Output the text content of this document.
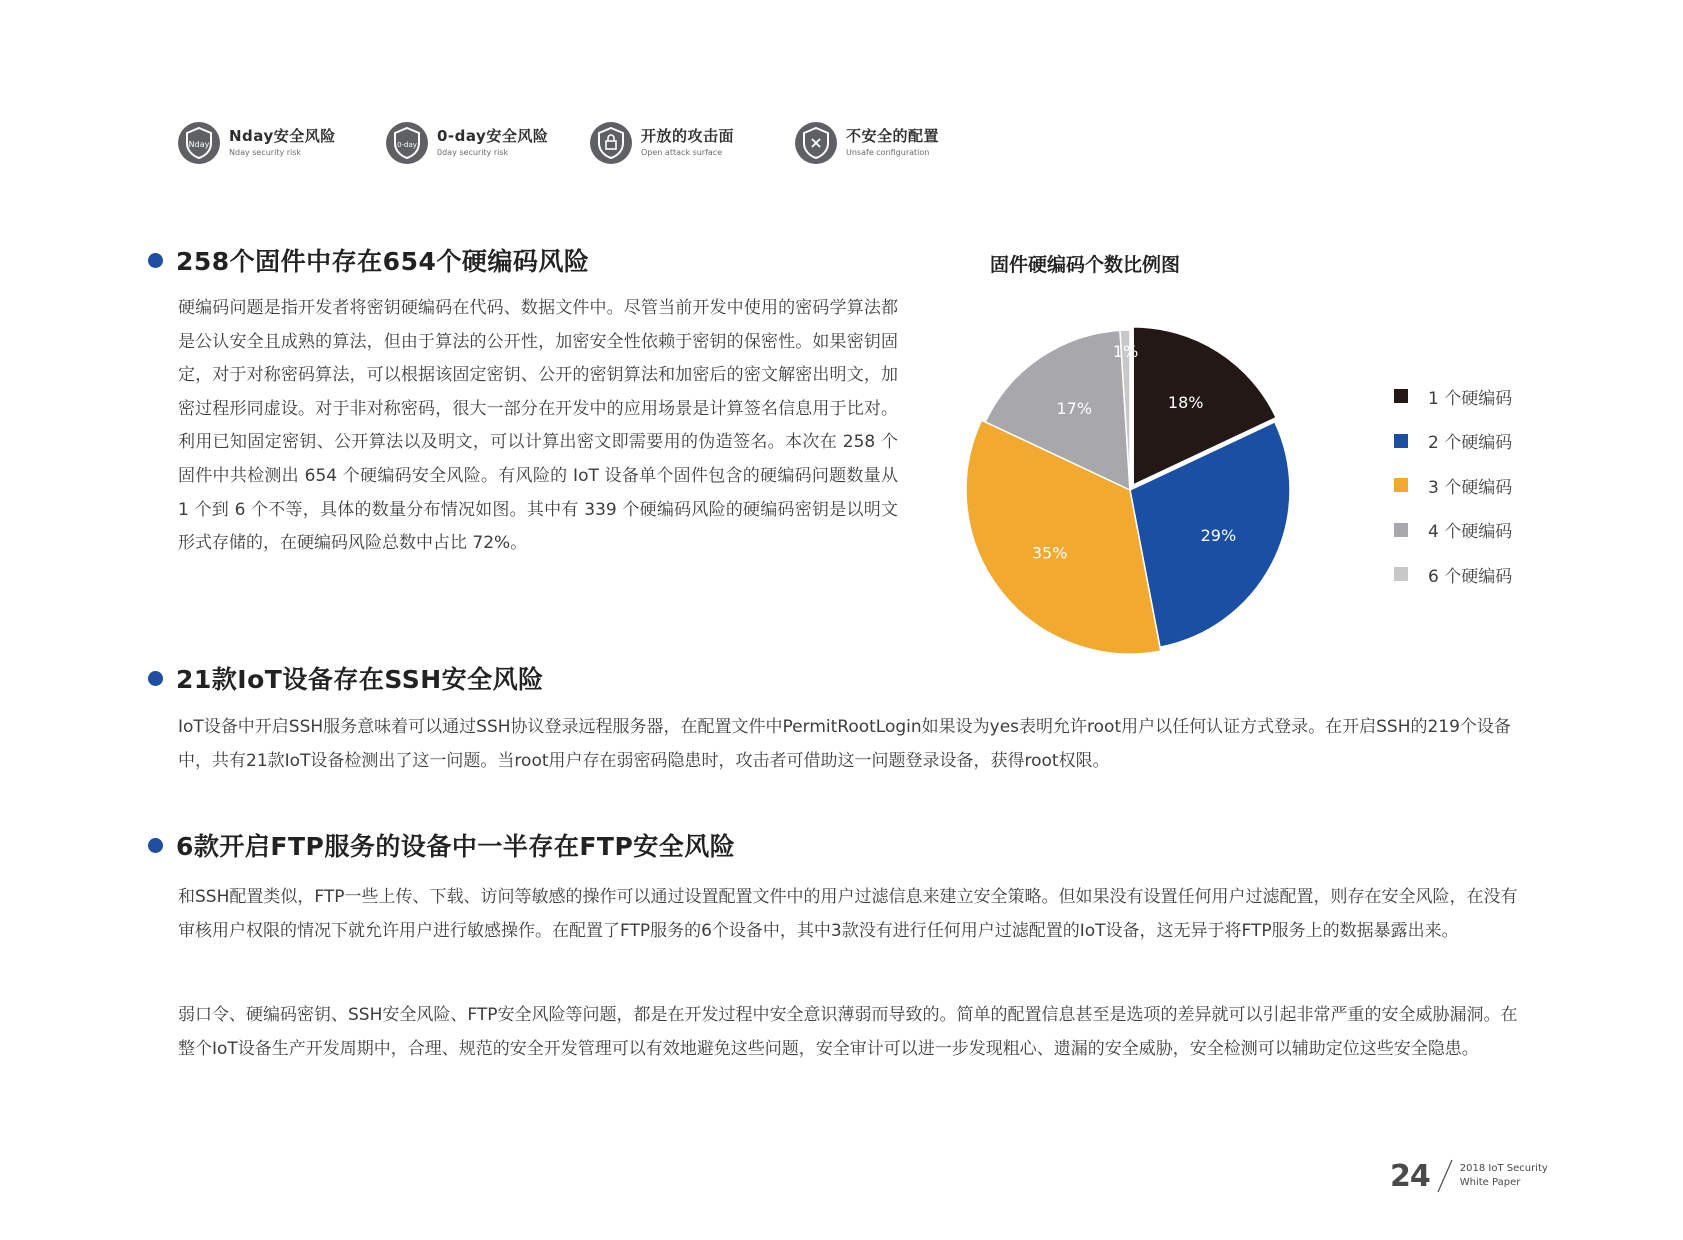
Nday Nday安全风险
Nday security risk
0-day 0-day安全风险
0day security risk
开放的攻击面
Open attack surface
不安全的配置
Unsafe configuration
258个固件中存在654个硬编码风险
硬编码问题是指开发者将密钥硬编码在代码、数据文件中。尽管当前开发中使用的密码学算法都是公认安全且成熟的算法，但由于算法的公开性，加密安全性依赖于密钥的保密性。如果密钥固定，对于对称密码算法，可以根据该固定密钥、公开的密钥算法和加密后的密文解密出明文，加密过程形同虚设。对于非对称密码，很大一部分在开发中的应用场景是计算签名信息用于比对。利用已知固定密钥、公开算法以及明文，可以计算出密文即需要用的伪造签名。本次在 258 个固件中共检测出 654 个硬编码安全风险。有风险的 IoT 设备单个固件包含的硬编码问题数量从 1 个到 6 个不等，具体的数量分布情况如图。其中有 339 个硬编码风险的硬编码密钥是以明文形式存储的，在硬编码风险总数中占比 72%。
固件硬编码个数比例图
18%
29%
35%
17%
1%
1 个硬编码
2 个硬编码
3 个硬编码
4 个硬编码
6 个硬编码
21款IoT设备存在SSH安全风险
IoT设备中开启SSH服务意味着可以通过SSH协议登录远程服务器，在配置文件中PermitRootLogin如果设为yes表明允许root用户以任何认证方式登录。在开启SSH的219个设备中，共有21款IoT设备检测出了这一问题。当root用户存在弱密码隐患时，攻击者可借助这一问题登录设备，获得root权限。
6款开启FTP服务的设备中一半存在FTP安全风险
和SSH配置类似，FTP一些上传、下载、访问等敏感的操作可以通过设置配置文件中的用户过滤信息来建立安全策略。但如果没有设置任何用户过滤配置，则存在安全风险，在没有审核用户权限的情况下就允许用户进行敏感操作。在配置了FTP服务的6个设备中，其中3款没有进行任何用户过滤配置的IoT设备，这无异于将FTP服务上的数据暴露出来。
弱口令、硬编码密钥、SSH安全风险、FTP安全风险等问题，都是在开发过程中安全意识薄弱而导致的。简单的配置信息甚至是选项的差异就可以引起非常严重的安全威胁漏洞。在整个IoT设备生产开发周期中，合理、规范的安全开发管理可以有效地避免这些问题，安全审计可以进一步发现粗心、遗漏的安全威胁，安全检测可以辅助定位这些安全隐患。
24	2018 IoT Security
White Paper
